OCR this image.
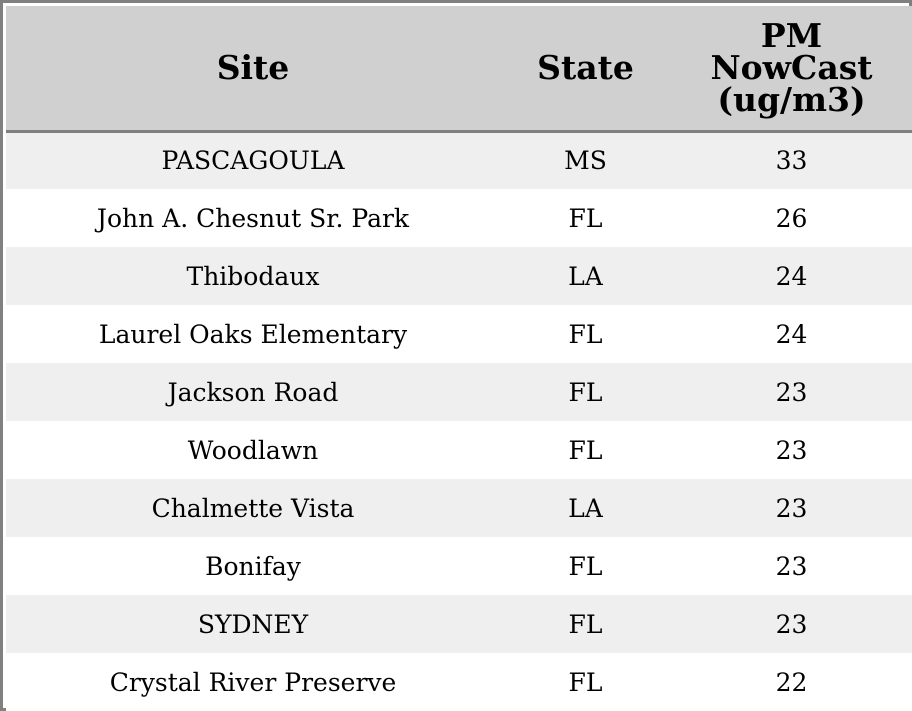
Site	State	PM
NowCast
(ug/m3)

PASCAGOULA	MS	33
John A. Chesnut Sr. Park	FL	26
Thibodaux	LA	24
Laurel Oaks Elementary	FL	24
Jackson Road	FL	23
Woodlawn	FL	23
Chalmette Vista	LA	23
Bonifay	FL	23
SYDNEY	FL	23
Crystal River Preserve	FL	22
